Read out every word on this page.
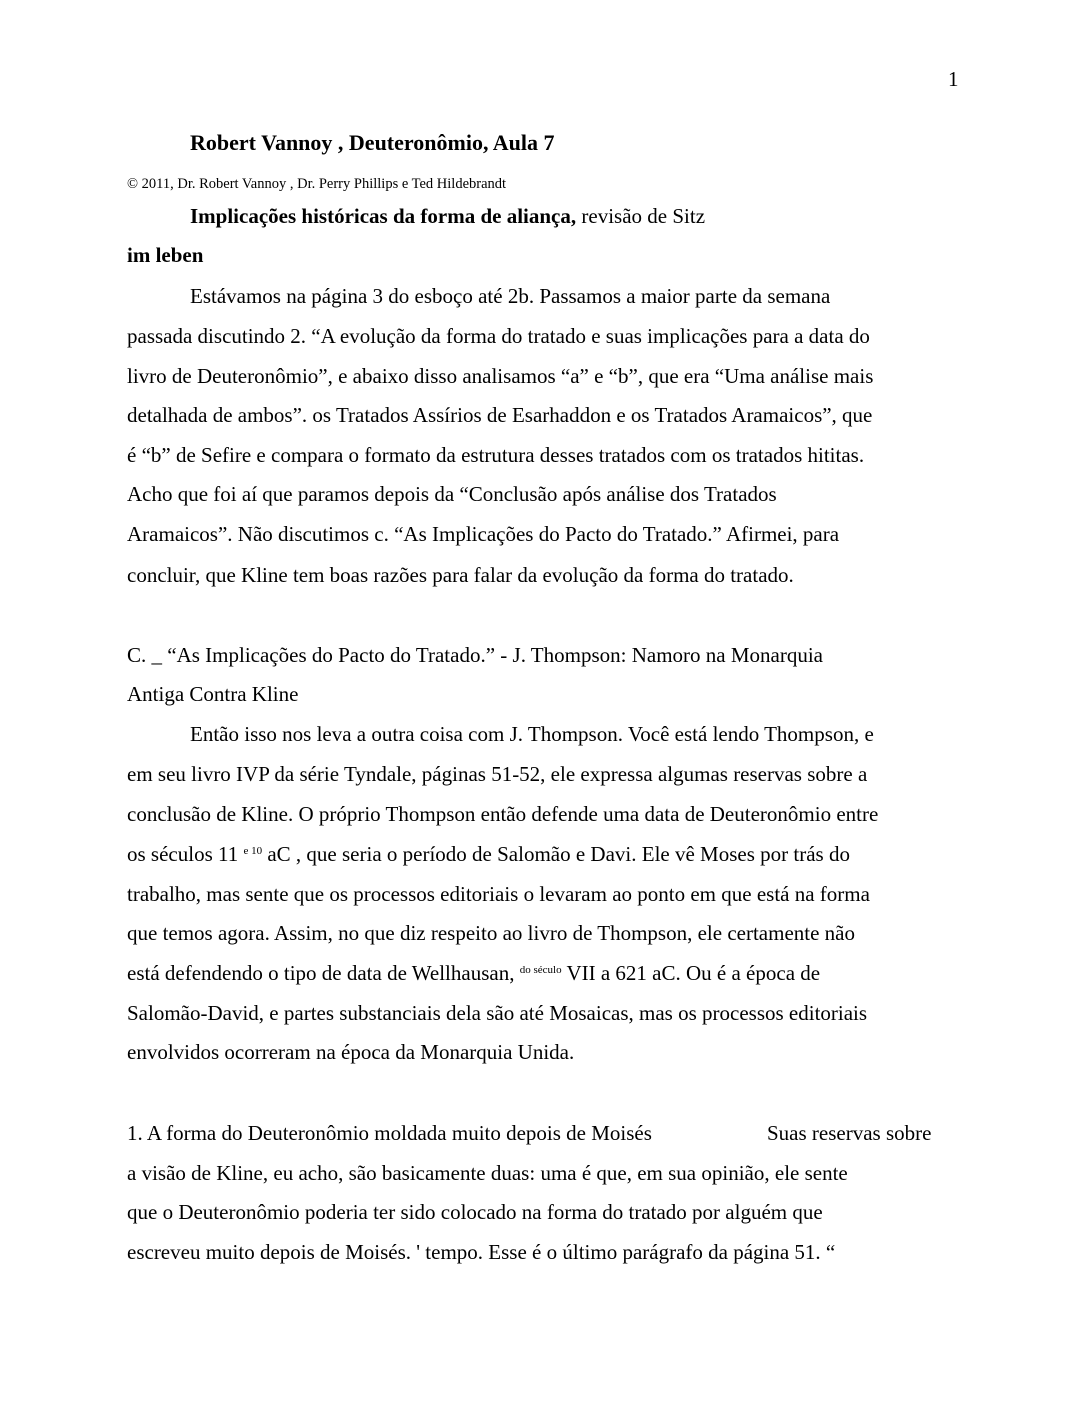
1
Robert Vannoy , Deuteronômio, Aula 7
© 2011, Dr. Robert Vannoy , Dr. Perry Phillips e Ted Hildebrandt
Implicações históricas da forma de aliança, revisão de Sitz
im leben
Estávamos na página 3 do esboço até 2b. Passamos a maior parte da semana
passada discutindo 2. “A evolução da forma do tratado e suas implicações para a data do
livro de Deuteronômio”, e abaixo disso analisamos “a” e “b”, que era “Uma análise mais
detalhada de ambos”. os Tratados Assírios de Esarhaddon e os Tratados Aramaicos”, que
é “b” de Sefire e compara o formato da estrutura desses tratados com os tratados hititas.
Acho que foi aí que paramos depois da “Conclusão após análise dos Tratados
Aramaicos”. Não discutimos c. “As Implicações do Pacto do Tratado.” Afirmei, para
concluir, que Kline tem boas razões para falar da evolução da forma do tratado.
C. _ “As Implicações do Pacto do Tratado.” - J. Thompson: Namoro na Monarquia
Antiga Contra Kline
Então isso nos leva a outra coisa com J. Thompson. Você está lendo Thompson, e
em seu livro IVP da série Tyndale, páginas 51-52, ele expressa algumas reservas sobre a
conclusão de Kline. O próprio Thompson então defende uma data de Deuteronômio entre
os séculos 11 $^{e 10}$ aC , que seria o período de Salomão e Davi. Ele vê Moses por trás do
trabalho, mas sente que os processos editoriais o levaram ao ponto em que está na forma
que temos agora. Assim, no que diz respeito ao livro de Thompson, ele certamente não
está defendendo o tipo de data de Wellhausan, $^{do século}$ VII a 621 aC. Ou é a época de
Salomão-David, e partes substanciais dela são até Mosaicas, mas os processos editoriais
envolvidos ocorreram na época da Monarquia Unida.
1. A forma do Deuteronômio moldada muito depois de Moisés	Suas reservas sobre
a visão de Kline, eu acho, são basicamente duas: uma é que, em sua opinião, ele sente
que o Deuteronômio poderia ter sido colocado na forma do tratado por alguém que
escreveu muito depois de Moisés. ' tempo. Esse é o último parágrafo da página 51. “
